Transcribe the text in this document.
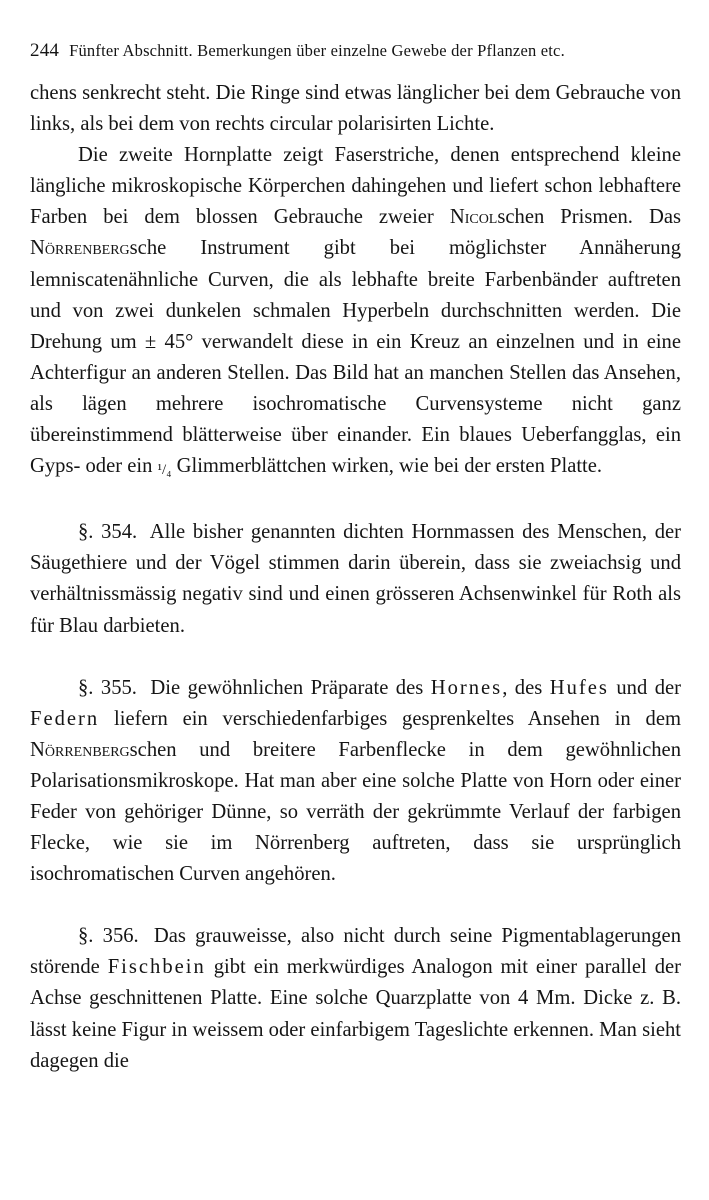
244 Fünfter Abschnitt. Bemerkungen über einzelne Gewebe der Pflanzen etc.

chens senkrecht steht. Die Ringe sind etwas länglicher bei dem Gebrauche von links, als bei dem von rechts circular polarisirten Lichte.

Die zweite Hornplatte zeigt Faserstriche, denen entsprechend kleine längliche mikroskopische Körperchen dahingehen und liefert schon lebhaftere Farben bei dem blossen Gebrauche zweier Nicolschen Prismen. Das Nörrenbergsche Instrument gibt bei möglichster Annäherung lemniscatenähnliche Curven, die als lebhafte breite Farbenbänder auftreten und von zwei dunkelen schmalen Hyperbeln durchschnitten werden. Die Drehung um ± 45° verwandelt diese in ein Kreuz an einzelnen und in eine Achterfigur an anderen Stellen. Das Bild hat an manchen Stellen das Ansehen, als lägen mehrere isochromatische Curvensysteme nicht ganz übereinstimmend blätterweise über einander. Ein blaues Ueberfangglas, ein Gyps- oder ein ¹/₄ Glimmerblättchen wirken, wie bei der ersten Platte.

§. 354. Alle bisher genannten dichten Hornmassen des Menschen, der Säugethiere und der Vögel stimmen darin überein, dass sie zweiachsig und verhältnissmässig negativ sind und einen grösseren Achsenwinkel für Roth als für Blau darbieten.

§. 355. Die gewöhnlichen Präparate des Hornes, des Hufes und der Federn liefern ein verschiedenfarbiges gesprenkeltes Ansehen in dem Nörrenbergschen und breitere Farbenflecke in dem gewöhnlichen Polarisationsmikroskope. Hat man aber eine solche Platte von Horn oder einer Feder von gehöriger Dünne, so verräth der gekrümmte Verlauf der farbigen Flecke, wie sie im Nörrenberg auftreten, dass sie ursprünglich isochromatischen Curven angehören.

§. 356. Das grauweisse, also nicht durch seine Pigmentablagerungen störende Fischbein gibt ein merkwürdiges Analogon mit einer parallel der Achse geschnittenen Platte. Eine solche Quarzplatte von 4 Mm. Dicke z. B. lässt keine Figur in weissem oder einfarbigem Tageslichte erkennen. Man sieht dagegen die
